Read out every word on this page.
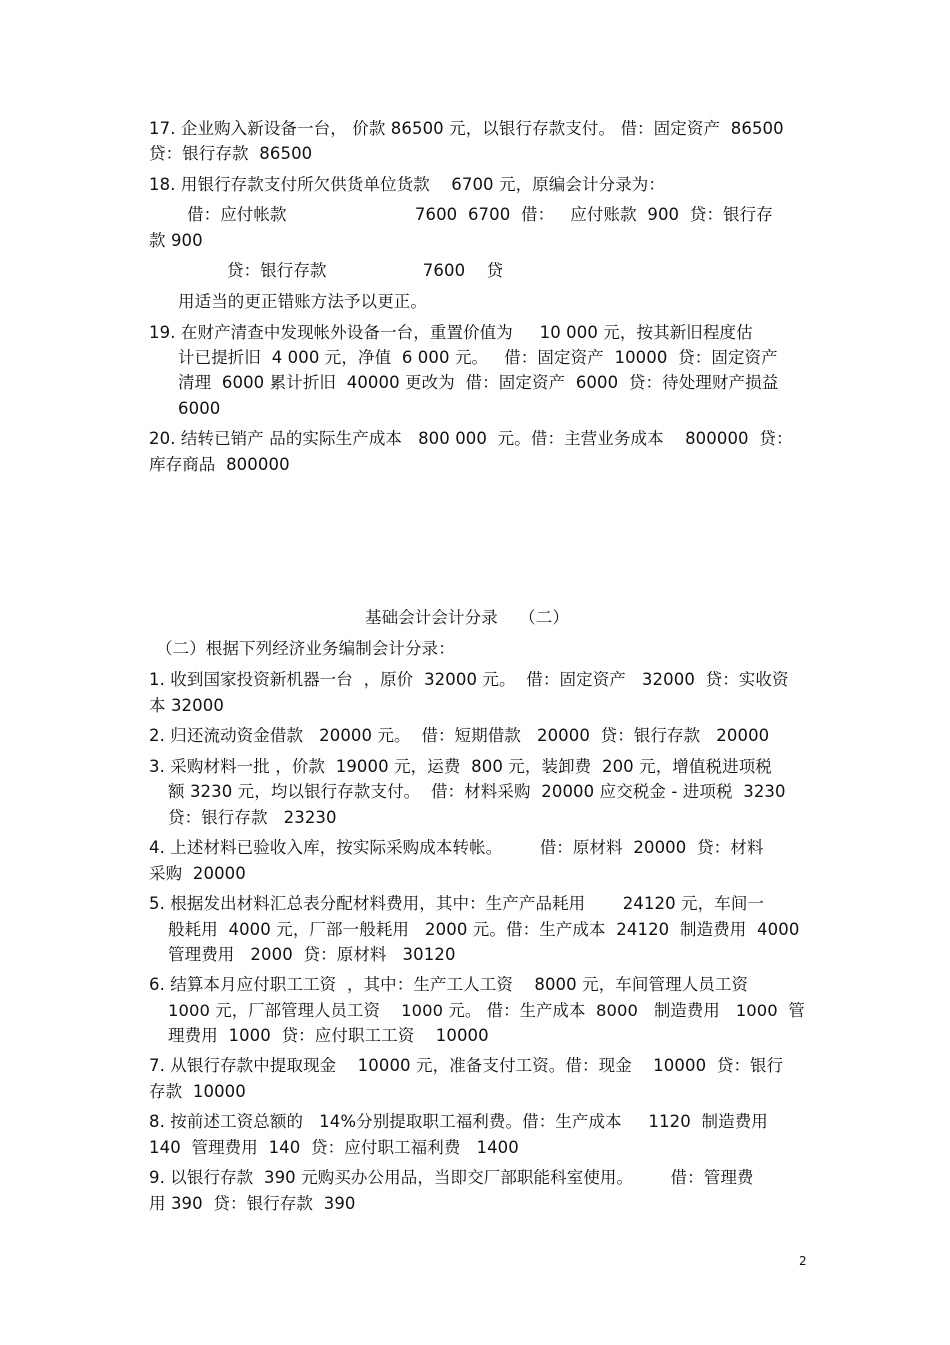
17. 企业购入新设备一台， 价款 86500 元，以银行存款支付。 借：固定资产  86500
贷：银行存款  86500
18. 用银行存款支付所欠供货单位货款    6700 元，原编会计分录为：
借：应付帐款                        7600  6700  借：   应付账款  900  贷：银行存
款 900
贷：银行存款                  7600    贷
用适当的更正错账方法予以更正。
19. 在财产清查中发现帐外设备一台，重置价值为     10 000 元，按其新旧程度估
计已提折旧  4 000 元，净值  6 000 元。   借：固定资产  10000  贷：固定资产
清理  6000 累计折旧  40000 更改为  借：固定资产  6000  贷：待处理财产损益
6000
20. 结转已销产 品的实际生产成本   800 000  元。借：主营业务成本    800000  贷：
库存商品  800000
基础会计会计分录    （二）
（二）根据下列经济业务编制会计分录：
1. 收到国家投资新机器一台  ，原价  32000 元。  借：固定资产   32000  贷：实收资
本 32000
2. 归还流动资金借款   20000 元。  借：短期借款   20000  贷：银行存款   20000
3. 采购材料一批 ，价款  19000 元，运费  800 元，装卸费  200 元，增值税进项税
额 3230 元，均以银行存款支付。  借：材料采购  20000 应交税金 - 进项税  3230
贷：银行存款   23230
4. 上述材料已验收入库，按实际采购成本转帐。       借：原材料  20000  贷：材料
采购  20000
5. 根据发出材料汇总表分配材料费用，其中：生产产品耗用       24120 元，车间一
般耗用  4000 元，厂部一般耗用   2000 元。借：生产成本  24120  制造费用  4000
管理费用   2000  贷：原材料   30120
6. 结算本月应付职工工资  ，其中：生产工人工资    8000 元，车间管理人员工资
1000 元，厂部管理人员工资    1000 元。 借：生产成本  8000   制造费用   1000  管
理费用  1000  贷：应付职工工资    10000
7. 从银行存款中提取现金    10000 元，准备支付工资。借：现金    10000  贷：银行
存款  10000
8. 按前述工资总额的   14%分别提取职工福利费。借：生产成本     1120  制造费用
140  管理费用  140  贷：应付职工福利费   1400
9. 以银行存款  390 元购买办公用品，当即交厂部职能科室使用。       借：管理费
用 390  贷：银行存款  390
2
